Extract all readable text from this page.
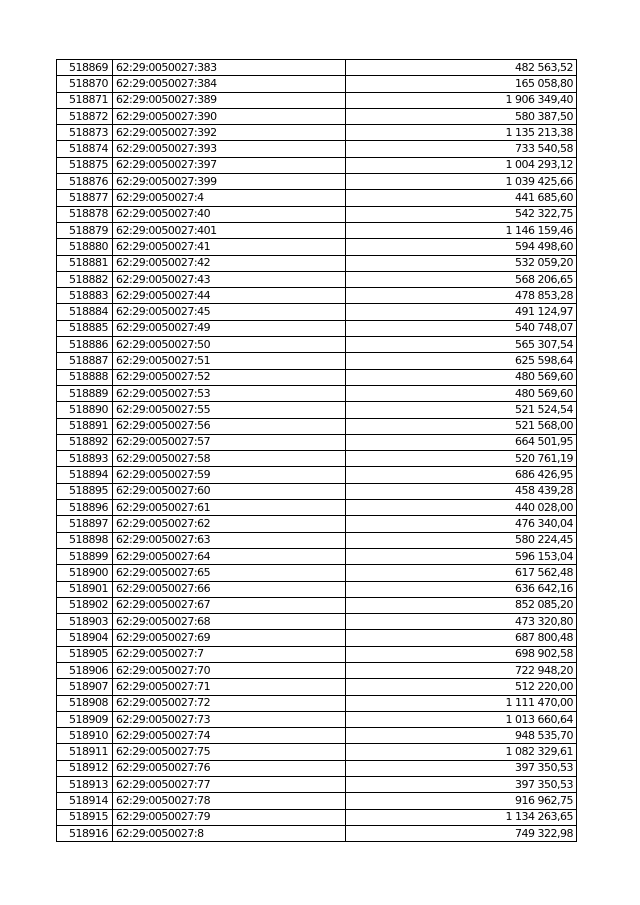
518869	62:29:0050027:383	482 563,52
518870	62:29:0050027:384	165 058,80
518871	62:29:0050027:389	1 906 349,40
518872	62:29:0050027:390	580 387,50
518873	62:29:0050027:392	1 135 213,38
518874	62:29:0050027:393	733 540,58
518875	62:29:0050027:397	1 004 293,12
518876	62:29:0050027:399	1 039 425,66
518877	62:29:0050027:4	441 685,60
518878	62:29:0050027:40	542 322,75
518879	62:29:0050027:401	1 146 159,46
518880	62:29:0050027:41	594 498,60
518881	62:29:0050027:42	532 059,20
518882	62:29:0050027:43	568 206,65
518883	62:29:0050027:44	478 853,28
518884	62:29:0050027:45	491 124,97
518885	62:29:0050027:49	540 748,07
518886	62:29:0050027:50	565 307,54
518887	62:29:0050027:51	625 598,64
518888	62:29:0050027:52	480 569,60
518889	62:29:0050027:53	480 569,60
518890	62:29:0050027:55	521 524,54
518891	62:29:0050027:56	521 568,00
518892	62:29:0050027:57	664 501,95
518893	62:29:0050027:58	520 761,19
518894	62:29:0050027:59	686 426,95
518895	62:29:0050027:60	458 439,28
518896	62:29:0050027:61	440 028,00
518897	62:29:0050027:62	476 340,04
518898	62:29:0050027:63	580 224,45
518899	62:29:0050027:64	596 153,04
518900	62:29:0050027:65	617 562,48
518901	62:29:0050027:66	636 642,16
518902	62:29:0050027:67	852 085,20
518903	62:29:0050027:68	473 320,80
518904	62:29:0050027:69	687 800,48
518905	62:29:0050027:7	698 902,58
518906	62:29:0050027:70	722 948,20
518907	62:29:0050027:71	512 220,00
518908	62:29:0050027:72	1 111 470,00
518909	62:29:0050027:73	1 013 660,64
518910	62:29:0050027:74	948 535,70
518911	62:29:0050027:75	1 082 329,61
518912	62:29:0050027:76	397 350,53
518913	62:29:0050027:77	397 350,53
518914	62:29:0050027:78	916 962,75
518915	62:29:0050027:79	1 134 263,65
518916	62:29:0050027:8	749 322,98
